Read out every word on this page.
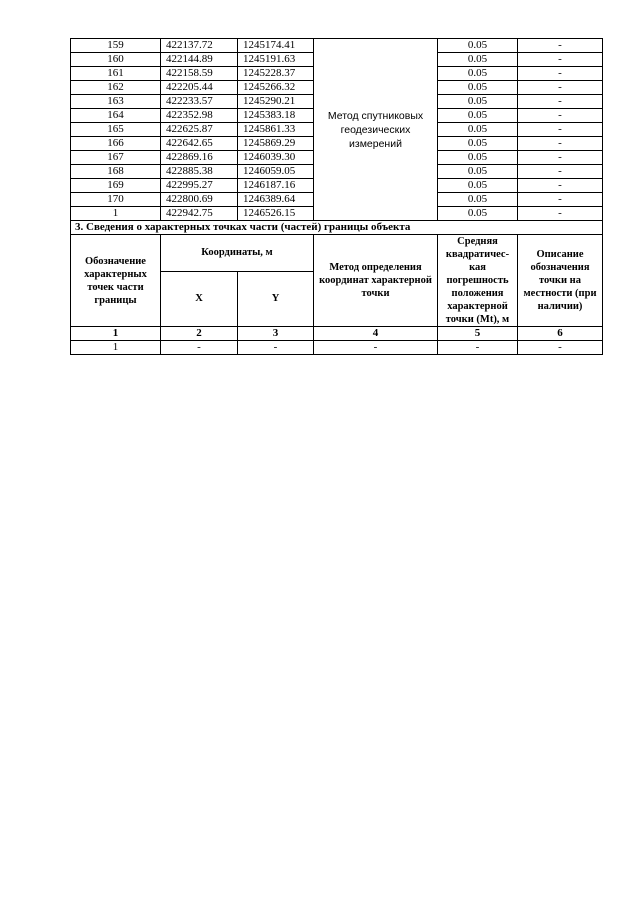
159	422137.72	1245174.41	Метод спутниковых геодезических измерений	0.05	-
160	422144.89	1245191.63		0.05	-
161	422158.59	1245228.37		0.05	-
162	422205.44	1245266.32		0.05	-
163	422233.57	1245290.21		0.05	-
164	422352.98	1245383.18		0.05	-
165	422625.87	1245861.33		0.05	-
166	422642.65	1245869.29		0.05	-
167	422869.16	1246039.30		0.05	-
168	422885.38	1246059.05		0.05	-
169	422995.27	1246187.16		0.05	-
170	422800.69	1246389.64		0.05	-
1	422942.75	1246526.15		0.05	-
3. Сведения о характерных точках части (частей) границы объекта					
Обозначение характерных точек части границы	Координаты, м		Метод определения координат характерной точки	Средняя квадратичес-кая погрешность положения характерной точки (Mt), м	Описание обозначения точки на местности (при наличии)
	X	Y			
1	2	3	4	5	6
1	-	-	-	-	-
